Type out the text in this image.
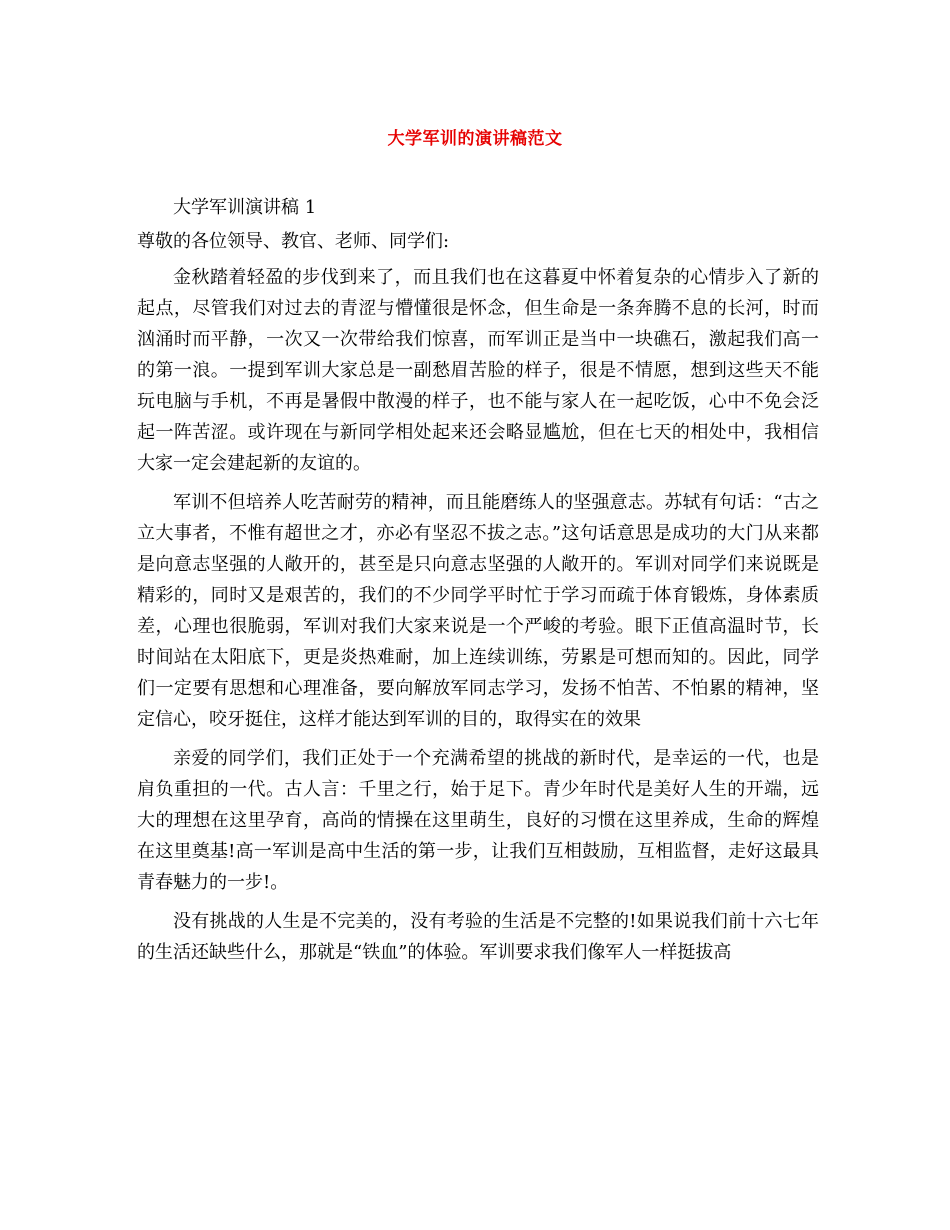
大学军训的演讲稿范文
大学军训演讲稿 1
尊敬的各位领导、教官、老师、同学们:

金秋踏着轻盈的步伐到来了，而且我们也在这暮夏中怀着复杂的心情步入了新的起点，尽管我们对过去的青涩与懵懂很是怀念，但生命是一条奔腾不息的长河，时而汹涌时而平静，一次又一次带给我们惊喜，而军训正是当中一块礁石，激起我们高一的第一浪。一提到军训大家总是一副愁眉苦脸的样子，很是不情愿，想到这些天不能玩电脑与手机，不再是暑假中散漫的样子，也不能与家人在一起吃饭，心中不免会泛起一阵苦涩。或许现在与新同学相处起来还会略显尴尬，但在七天的相处中，我相信大家一定会建起新的友谊的。

军训不但培养人吃苦耐劳的精神，而且能磨练人的坚强意志。苏轼有句话：“古之立大事者，不惟有超世之才，亦必有坚忍不拔之志。”这句话意思是成功的大门从来都是向意志坚强的人敞开的，甚至是只向意志坚强的人敞开的。军训对同学们来说既是精彩的，同时又是艰苦的，我们的不少同学平时忙于学习而疏于体育锻炼，身体素质差，心理也很脆弱，军训对我们大家来说是一个严峻的考验。眼下正值高温时节，长时间站在太阳底下，更是炎热难耐，加上连续训练，劳累是可想而知的。因此，同学们一定要有思想和心理准备，要向解放军同志学习，发扬不怕苦、不怕累的精神，坚定信心，咬牙挺住，这样才能达到军训的目的，取得实在的效果

亲爱的同学们，我们正处于一个充满希望的挑战的新时代，是幸运的一代，也是肩负重担的一代。古人言：千里之行，始于足下。青少年时代是美好人生的开端，远大的理想在这里孕育，高尚的情操在这里萌生，良好的习惯在这里养成，生命的辉煌在这里奠基!高一军训是高中生活的第一步，让我们互相鼓励，互相监督，走好这最具青春魅力的一步!。

没有挑战的人生是不完美的，没有考验的生活是不完整的!如果说我们前十六七年的生活还缺些什么，那就是“铁血”的体验。军训要求我们像军人一样挺拔高
